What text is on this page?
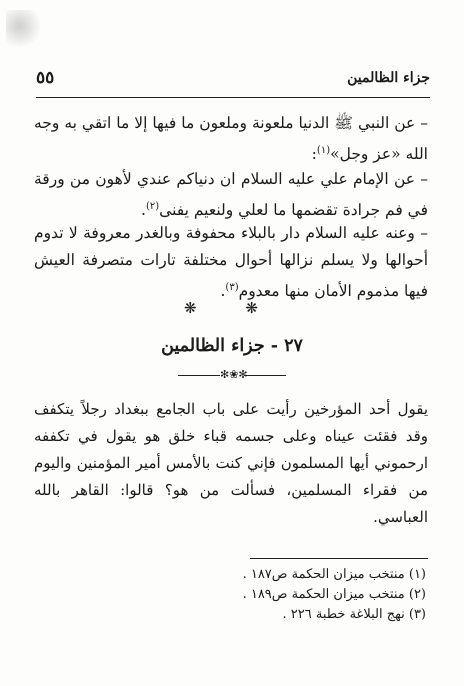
جزاء الظالمين
٥٥

– عن النبي ﷺ الدنيا ملعونة وملعون ما فيها إلا ما اتقي به وجه الله «عز وجل»$^{(١)}$:

– عن الإمام علي عليه السلام ان دنياكم عندي لأهون من ورقة في فم جرادة تقضمها ما لعلي ولنعيم يفنى$^{(٢)}$.

– وعنه عليه السلام دار بالبلاء محفوفة وبالغدر معروفة لا تدوم أحوالها ولا يسلم نزالها أحوال مختلفة تارات متصرفة العيش فيها مذموم الأمان منها معدوم$^{(٣)}$.

❋ ❋
٢٧ - جزاء الظالمين
✻❀✻

يقول أحد المؤرخين رأيت على باب الجامع ببغداد رجلاً يتكفف وقد فقئت عيناه وعلى جسمه قباء خلق هو يقول في تكففه ارحموني أيها المسلمون فإني كنت بالأمس أمير المؤمنين واليوم من فقراء المسلمين، فسألت من هو؟ قالوا: القاهر بالله العباسي.

(١) منتخب ميزان الحكمة ص١٨٧ .
(٢) منتخب ميزان الحكمة ص١٨٩ .
(٣) نهج البلاغة خطبة ٢٢٦ .
